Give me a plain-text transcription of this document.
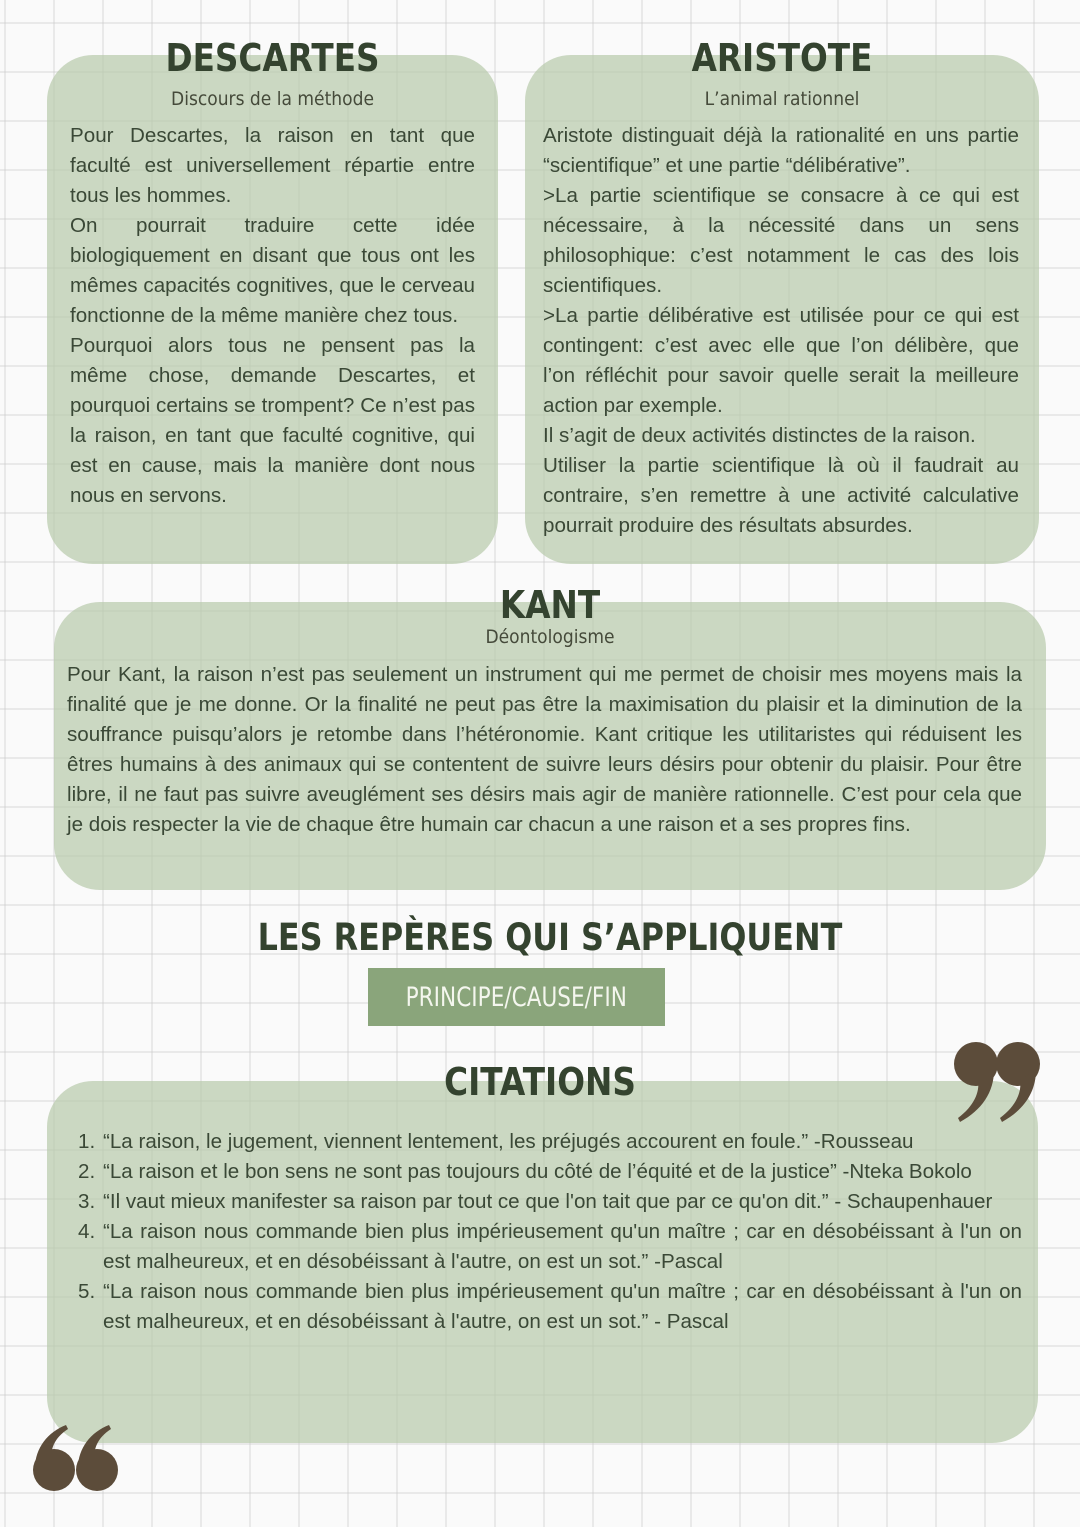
DESCARTES
Discours de la méthode

Pour Descartes, la raison en tant que faculté est universellement répartie entre tous les hommes.

On pourrait traduire cette idée biologiquement en disant que tous ont les mêmes capacités cognitives, que le cerveau fonctionne de la même manière chez tous.

Pourquoi alors tous ne pensent pas la même chose, demande Descartes, et pourquoi certains se trompent? Ce n’est pas la raison, en tant que faculté cognitive, qui est en cause, mais la manière dont nous nous en servons.

ARISTOTE
L’animal rationnel

Aristote distinguait déjà la rationalité en uns partie “scientifique” et une partie “délibérative”.

>La partie scientifique se consacre à ce qui est nécessaire, à la nécessité dans un sens philosophique: c’est notamment le cas des lois scientifiques.

>La partie délibérative est utilisée pour ce qui est contingent: c’est avec elle que l’on délibère, que l’on réfléchit pour savoir quelle serait la meilleure action par exemple.

Il s’agit de deux activités distinctes de la raison.

Utiliser la partie scientifique là où il faudrait au contraire, s’en remettre à une activité calculative pourrait produire des résultats absurdes.

KANT
Déontologisme
Pour Kant, la raison n’est pas seulement un instrument qui me permet de choisir mes moyens mais la finalité que je me donne. Or la finalité ne peut pas être la maximisation du plaisir et la diminution de la souffrance puisqu’alors je retombe dans l’hétéronomie. Kant critique les utilitaristes qui réduisent les êtres humains à des animaux qui se contentent de suivre leurs désirs pour obtenir du plaisir. Pour être libre, il ne faut pas suivre aveuglément ses désirs mais agir de manière rationnelle. C’est pour cela que je dois respecter la vie de chaque être humain car chacun a une raison et a ses propres fins.
LES REPÈRES QUI S’APPLIQUENT
PRINCIPE/CAUSE/FIN
CITATIONS
1. “La raison, le jugement, viennent lentement, les préjugés accourent en foule.” -Rousseau
2. “La raison et le bon sens ne sont pas toujours du côté de l’équité et de la justice” -Nteka Bokolo
3. “Il vaut mieux manifester sa raison par tout ce que l'on tait que par ce qu'on dit.” - Schaupenhauer
4. “La raison nous commande bien plus impérieusement qu'un maître ; car en désobéissant à l'un on est malheureux, et en désobéissant à l'autre, on est un sot.” -Pascal
5. “La raison nous commande bien plus impérieusement qu'un maître ; car en désobéissant à l'un on est malheureux, et en désobéissant à l'autre, on est un sot.” - Pascal
